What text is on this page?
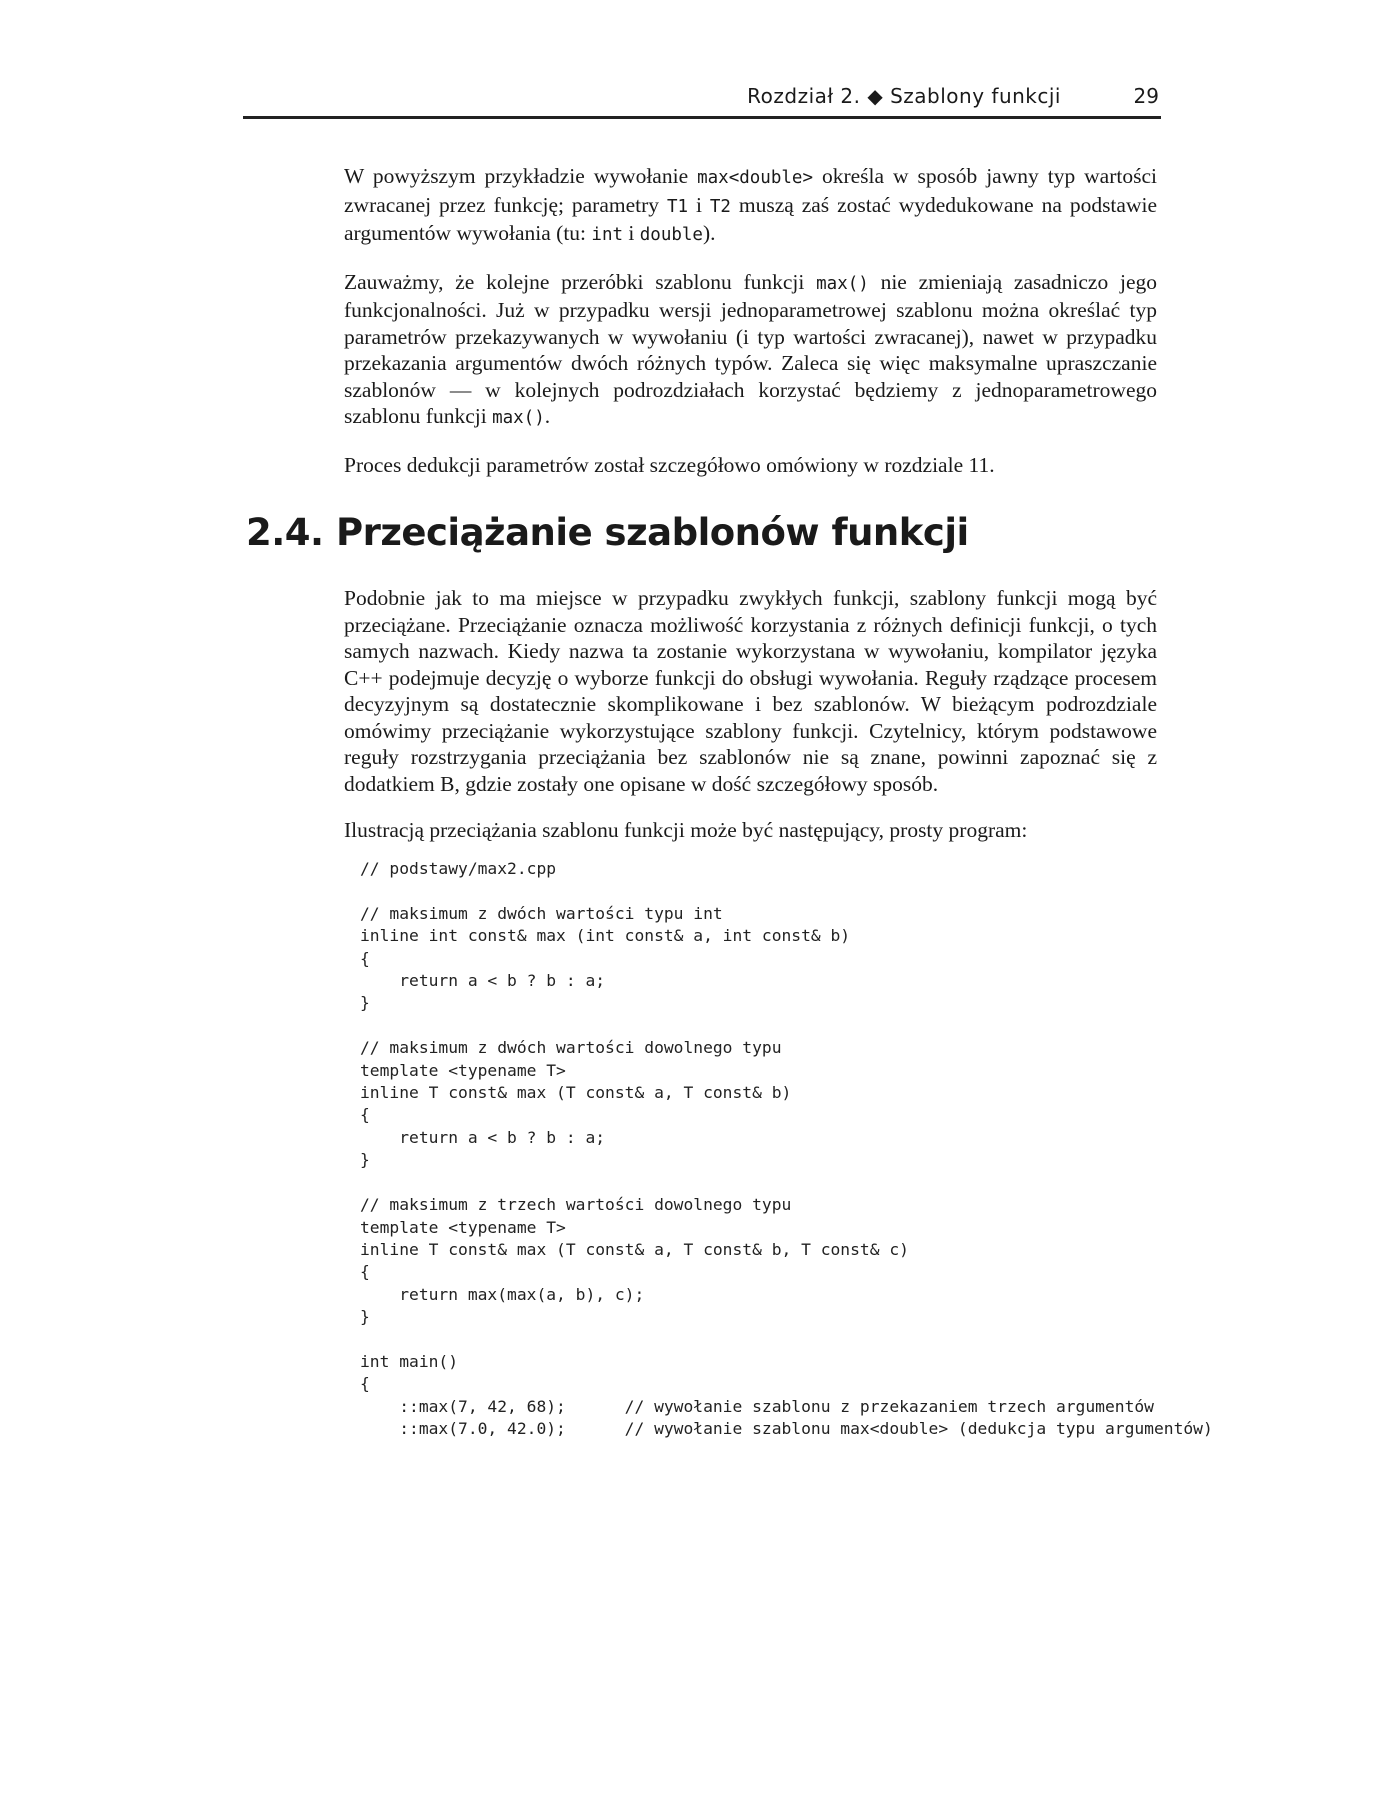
Rozdział 2. ◆ Szablony funkcji	29

W powyższym przykładzie wywołanie max<double> określa w sposób jawny typ wartości zwracanej przez funkcję; parametry T1 i T2 muszą zaś zostać wydedukowane na podstawie argumentów wywołania (tu: int i double).

Zauważmy, że kolejne przeróbki szablonu funkcji max() nie zmieniają zasadniczo jego funkcjonalności. Już w przypadku wersji jednoparametrowej szablonu można określać typ parametrów przekazywanych w wywołaniu (i typ wartości zwracanej), nawet w przypadku przekazania argumentów dwóch różnych typów. Zaleca się więc maksymalne upraszczanie szablonów — w kolejnych podrozdziałach korzystać będziemy z jednoparametrowego szablonu funkcji max().

Proces dedukcji parametrów został szczegółowo omówiony w rozdziale 11.

2.4. Przeciążanie szablonów funkcji

Podobnie jak to ma miejsce w przypadku zwykłych funkcji, szablony funkcji mogą być przeciążane. Przeciążanie oznacza możliwość korzystania z różnych definicji funkcji, o tych samych nazwach. Kiedy nazwa ta zostanie wykorzystana w wywołaniu, kompilator języka C++ podejmuje decyzję o wyborze funkcji do obsługi wywołania. Reguły rządzące procesem decyzyjnym są dostatecznie skomplikowane i bez szablonów. W bieżącym podrozdziale omówimy przeciążanie wykorzystujące szablony funkcji. Czytelnicy, którym podstawowe reguły rozstrzygania przeciążania bez szablonów nie są znane, powinni zapoznać się z dodatkiem B, gdzie zostały one opisane w dość szczegółowy sposób.

Ilustracją przeciążania szablonu funkcji może być następujący, prosty program:

// podstawy/max2.cpp

// maksimum z dwóch wartości typu int
inline int const& max (int const& a, int const& b)
{
return a < b ? b : a;
}

// maksimum z dwóch wartości dowolnego typu
template <typename T>
inline T const& max (T const& a, T const& b)
{
return a < b ? b : a;
}

// maksimum z trzech wartości dowolnego typu
template <typename T>
inline T const& max (T const& a, T const& b, T const& c)
{
return max(max(a, b), c);
}

int main()
{
::max(7, 42, 68);      // wywołanie szablonu z przekazaniem trzech argumentów
::max(7.0, 42.0);      // wywołanie szablonu max<double> (dedukcja typu argumentów)
